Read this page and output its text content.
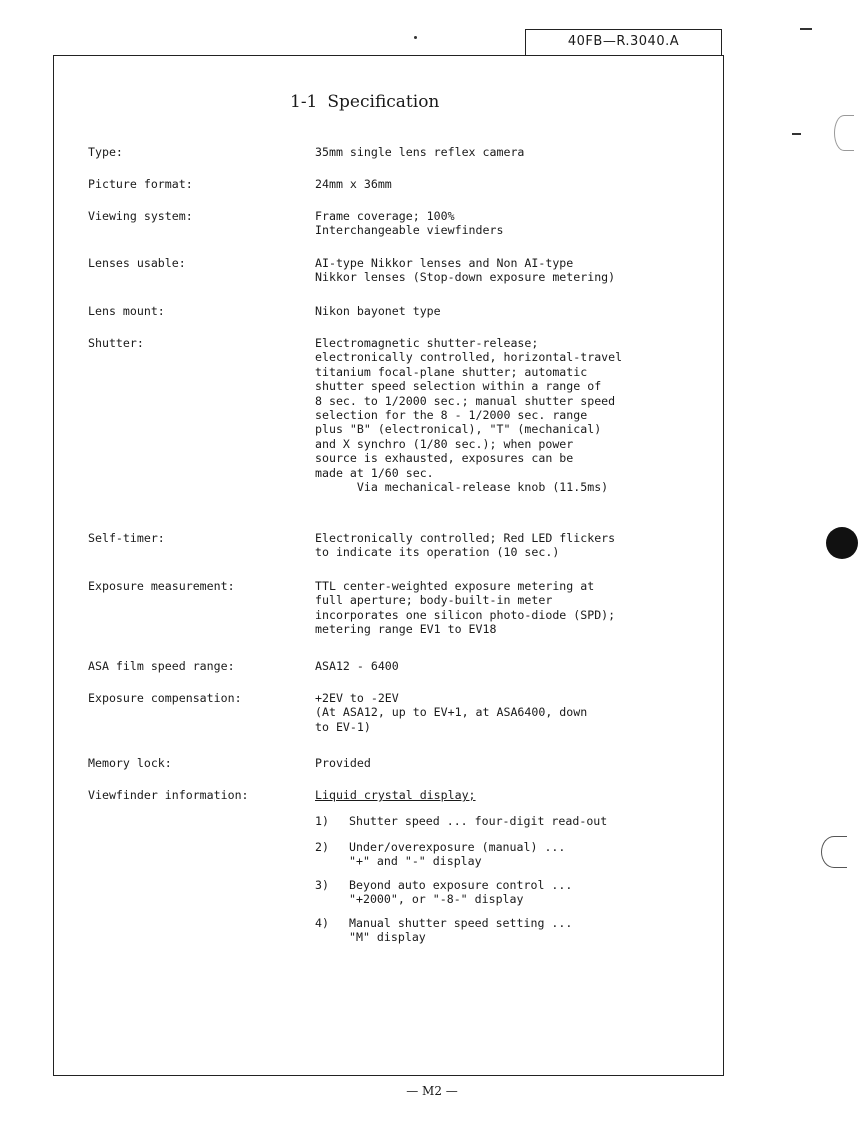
40FB—R.3040.A
1-1 Specification
Type:	35mm single lens reflex camera
Picture format:	24mm x 36mm
Viewing system:	Frame coverage; 100%
Interchangeable viewfinders
Lenses usable:	AI-type Nikkor lenses and Non AI-type
Nikkor lenses (Stop-down exposure metering)
Lens mount:	Nikon bayonet type
Shutter:	Electromagnetic shutter-release;
electronically controlled, horizontal-travel
titanium focal-plane shutter; automatic
shutter speed selection within a range of
8 sec. to 1/2000 sec.; manual shutter speed
selection for the 8 - 1/2000 sec. range
plus "B" (electronical), "T" (mechanical)
and X synchro (1/80 sec.); when power
source is exhausted, exposures can be
made at 1/60 sec.
Via mechanical-release knob (11.5ms)
Self-timer:	Electronically controlled; Red LED flickers
to indicate its operation (10 sec.)
Exposure measurement:	TTL center-weighted exposure metering at
full aperture; body-built-in meter
incorporates one silicon photo-diode (SPD);
metering range EV1 to EV18
ASA film speed range:	ASA12 - 6400
Exposure compensation:	+2EV to -2EV
(At ASA12, up to EV+1, at ASA6400, down
to EV-1)
Memory lock:	Provided
Viewfinder information:	Liquid crystal display;

1)

Shutter speed ... four-digit read-out

2)

Under/overexposure (manual) ...
"+" and "-" display

3)

Beyond auto exposure control ...
"+2000", or "-8-" display

4)

Manual shutter speed setting ...
"M" display

— M2 —
